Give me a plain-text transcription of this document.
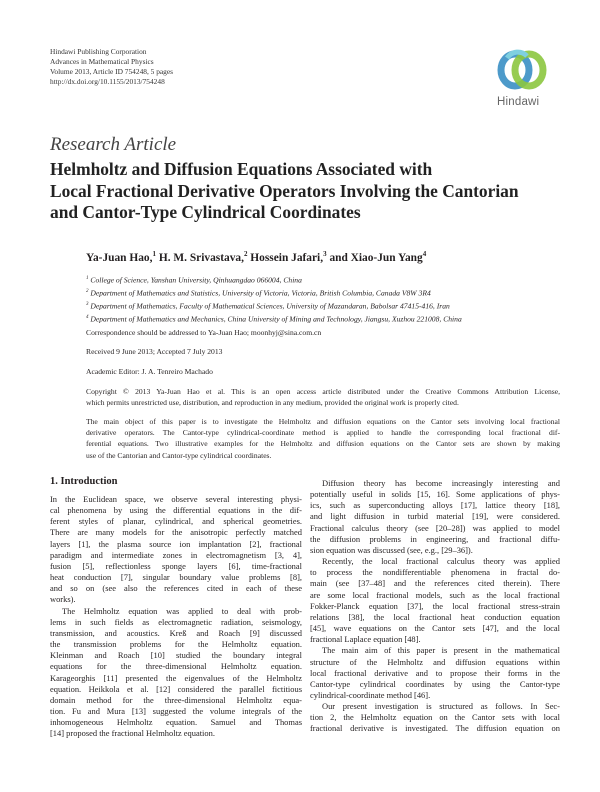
Hindawi Publishing Corporation
Advances in Mathematical Physics
Volume 2013, Article ID 754248, 5 pages
http://dx.doi.org/10.1155/2013/754248
Hindawi
Research Article
Helmholtz and Diffusion Equations Associated with
Local Fractional Derivative Operators Involving the Cantorian
and Cantor-Type Cylindrical Coordinates
Ya-Juan Hao,$^1$ H. M. Srivastava,$^2$ Hossein Jafari,$^3$ and Xiao-Jun Yang$^4$
$^1$ College of Science, Yanshan University, Qinhuangdao 066004, China
$^2$ Department of Mathematics and Statistics, University of Victoria, Victoria, British Columbia, Canada V8W 3R4
$^3$ Department of Mathematics, Faculty of Mathematical Sciences, University of Mazandaran, Babolsar 47415-416, Iran
$^4$ Department of Mathematics and Mechanics, China University of Mining and Technology, Jiangsu, Xuzhou 221008, China
Correspondence should be addressed to Ya-Juan Hao; moonhyj@sina.com.cn
Received 9 June 2013; Accepted 7 July 2013
Academic Editor: J. A. Tenreiro Machado
Copyright © 2013 Ya-Juan Hao et al. This is an open access article distributed under the Creative Commons Attribution License,
which permits unrestricted use, distribution, and reproduction in any medium, provided the original work is properly cited.
The main object of this paper is to investigate the Helmholtz and diffusion equations on the Cantor sets involving local fractional
derivative operators. The Cantor-type cylindrical-coordinate method is applied to handle the corresponding local fractional dif-
ferential equations. Two illustrative examples for the Helmholtz and diffusion equations on the Cantor sets are shown by making
use of the Cantorian and Cantor-type cylindrical coordinates.
1. Introduction
In the Euclidean space, we observe several interesting physi-
cal phenomena by using the differential equations in the dif-
ferent styles of planar, cylindrical, and spherical geometries.
There are many models for the anisotropic perfectly matched
layers [1], the plasma source ion implantation [2], fractional
paradigm and intermediate zones in electromagnetism [3, 4],
fusion [5], reflectionless sponge layers [6], time-fractional
heat conduction [7], singular boundary value problems [8],
and so on (see also the references cited in each of these
works).
The Helmholtz equation was applied to deal with prob-
lems in such fields as electromagnetic radiation, seismology,
transmission, and acoustics. Kreß and Roach [9] discussed
the transmission problems for the Helmholtz equation.
Kleinman and Roach [10] studied the boundary integral
equations for the three-dimensional Helmholtz equation.
Karageorghis [11] presented the eigenvalues of the Helmholtz
equation. Heikkola et al. [12] considered the parallel fictitious
domain method for the three-dimensional Helmholtz equa-
tion. Fu and Mura [13] suggested the volume integrals of the
inhomogeneous Helmholtz equation. Samuel and Thomas
[14] proposed the fractional Helmholtz equation.
Diffusion theory has become increasingly interesting and
potentially useful in solids [15, 16]. Some applications of phys-
ics, such as superconducting alloys [17], lattice theory [18],
and light diffusion in turbid material [19], were considered.
Fractional calculus theory (see [20–28]) was applied to model
the diffusion problems in engineering, and fractional diffu-
sion equation was discussed (see, e.g., [29–36]).
Recently, the local fractional calculus theory was applied
to process the nondifferentiable phenomena in fractal do-
main (see [37–48] and the references cited therein). There
are some local fractional models, such as the local fractional
Fokker-Planck equation [37], the local fractional stress-strain
relations [38], the local fractional heat conduction equation
[45], wave equations on the Cantor sets [47], and the local
fractional Laplace equation [48].
The main aim of this paper is present in the mathematical
structure of the Helmholtz and diffusion equations within
local fractional derivative and to propose their forms in the
Cantor-type cylindrical coordinates by using the Cantor-type
cylindrical-coordinate method [46].
Our present investigation is structured as follows. In Sec-
tion 2, the Helmholtz equation on the Cantor sets with local
fractional derivative is investigated. The diffusion equation on
